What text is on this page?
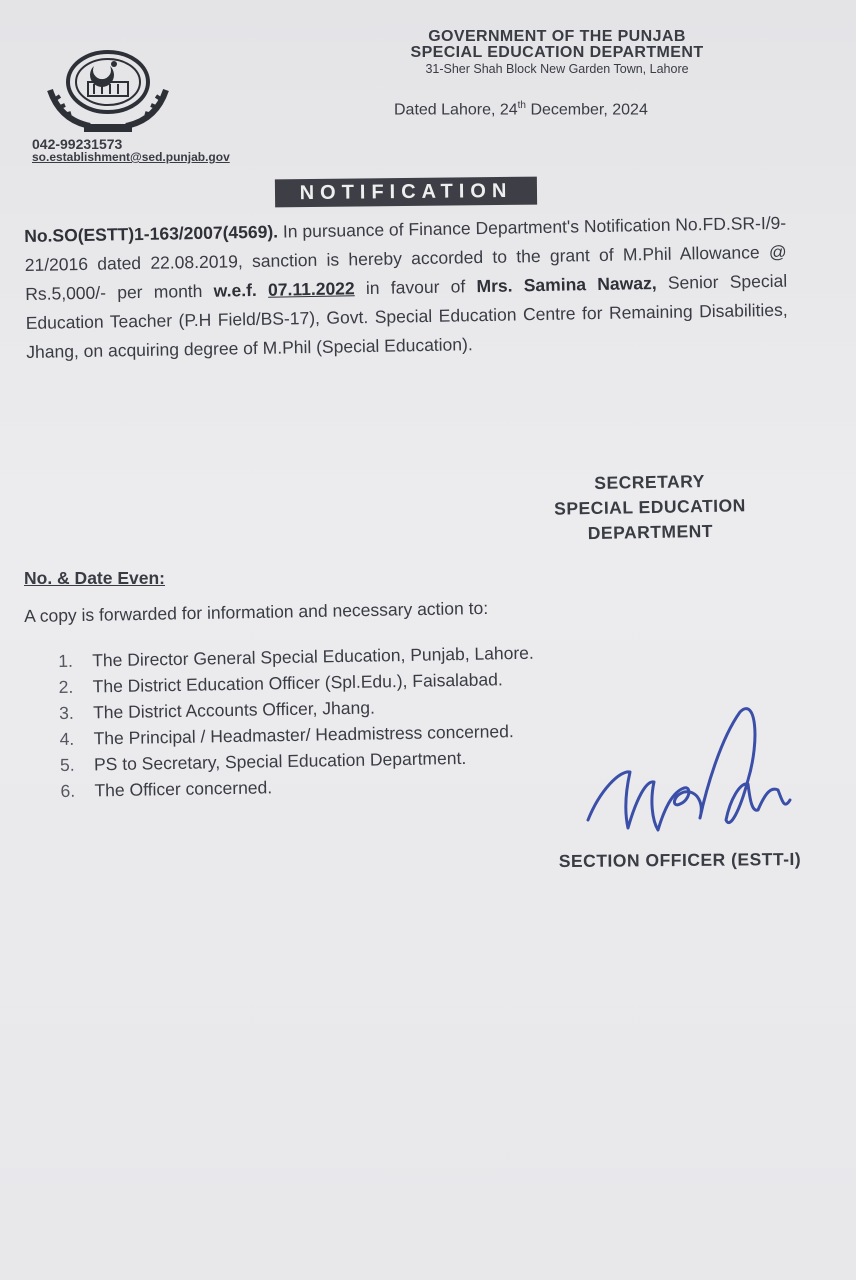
GOVERNMENT OF THE PUNJAB
SPECIAL EDUCATION DEPARTMENT
31-Sher Shah Block New Garden Town, Lahore
Dated Lahore, 24th December, 2024
042-99231573
so.establishment@sed.punjab.gov
NOTIFICATION
No.SO(ESTT)1-163/2007(4569). In pursuance of Finance Department's Notification No.FD.SR-I/9-21/2016 dated 22.08.2019, sanction is hereby accorded to the grant of M.Phil Allowance @ Rs.5,000/- per month w.e.f. 07.11.2022 in favour of Mrs. Samina Nawaz, Senior Special Education Teacher (P.H Field/BS-17), Govt. Special Education Centre for Remaining Disabilities, Jhang, on acquiring degree of M.Phil (Special Education).
SECRETARY
SPECIAL EDUCATION
DEPARTMENT
No. & Date Even:
A copy is forwarded for information and necessary action to:
1.	The Director General Special Education, Punjab, Lahore.
2.	The District Education Officer (Spl.Edu.), Faisalabad.
3.	The District Accounts Officer, Jhang.
4.	The Principal / Headmaster/ Headmistress concerned.
5.	PS to Secretary, Special Education Department.
6.	The Officer concerned.
SECTION OFFICER (ESTT-I)
